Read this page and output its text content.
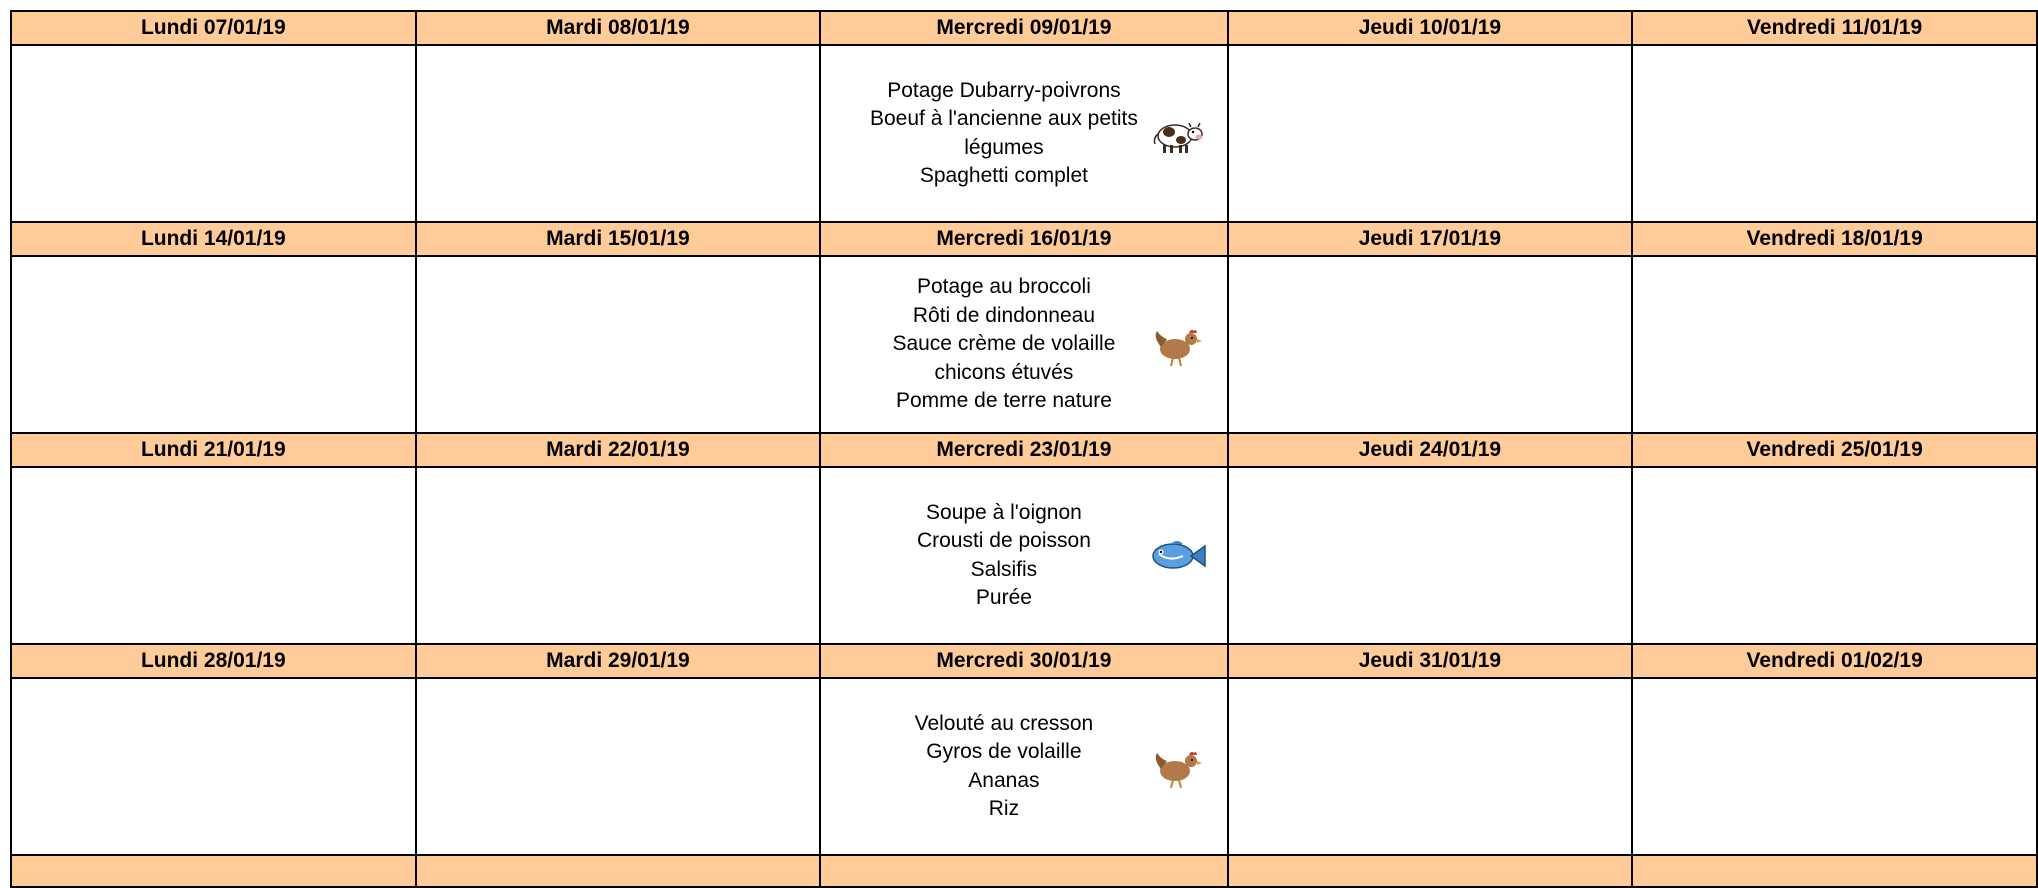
Lundi 07/01/19	Mardi 08/01/19	Mercredi 09/01/19	Jeudi 10/01/19	Vendredi 11/01/19

		Potage Dubarry-poivrons
Boeuf à l'ancienne aux petits légumes
Spaghetti complet		

Lundi 14/01/19	Mardi 15/01/19	Mercredi 16/01/19	Jeudi 17/01/19	Vendredi 18/01/19

		Potage au broccoli
Rôti de dindonneau
Sauce crème de volaille
chicons étuvés
Pomme de terre nature		

Lundi 21/01/19	Mardi 22/01/19	Mercredi 23/01/19	Jeudi 24/01/19	Vendredi 25/01/19

		Soupe à l'oignon
Crousti de poisson
Salsifis
Purée		

Lundi 28/01/19	Mardi 29/01/19	Mercredi 30/01/19	Jeudi 31/01/19	Vendredi 01/02/19

		Velouté au cresson
Gyros de volaille
Ananas
Riz		
